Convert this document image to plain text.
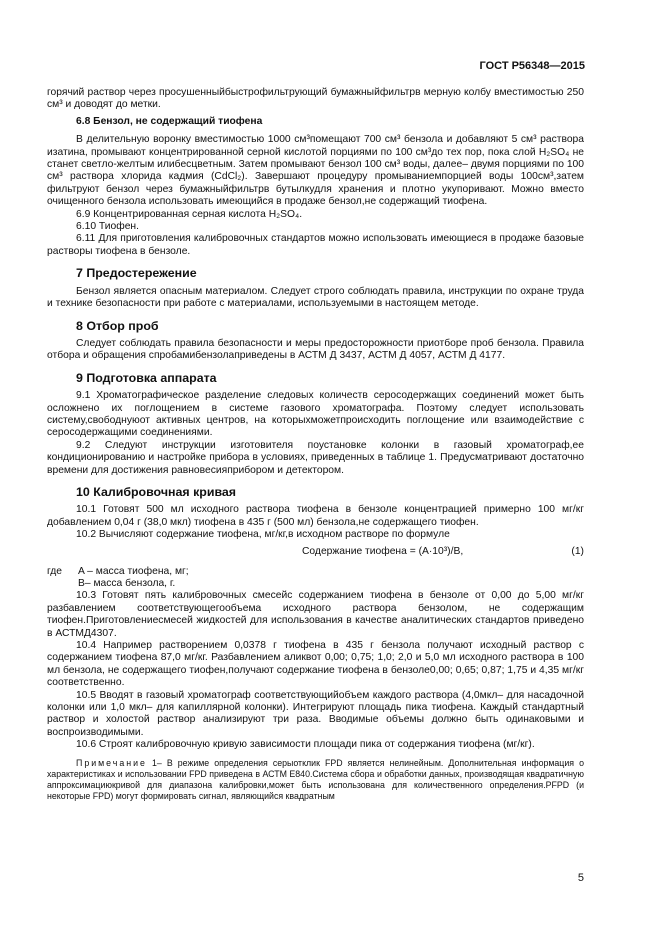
ГОСТ Р56348—2015

горячий раствор через просушенныйбыстрофильтрующий бумажныйфильтрв мерную колбу вместимостью 250 см³ и доводят до метки.

6.8 Бензол, не содержащий тиофена

В делительную воронку вместимостью 1000 см³помещают 700 см³ бензола и добавляют 5 см³ раствора изатина, промывают концентрированной серной кислотой порциями по 100 см³до тех пор, пока слой H₂SO₄ не станет светло-желтым илибесцветным. Затем промывают бензол 100 см³ воды, далее– двумя порциями по 100 см³ раствора хлорида кадмия (CdCl₂). Завершают процедуру промываниемпорцией воды 100см³,затем фильтруют бензол через бумажныйфильтрв бутылкудля хранения и плотно укупоривают. Можно вместо очищенного бензола использовать имеющийся в продаже бензол,не содержащий тиофена.

6.9 Концентрированная серная кислота H₂SO₄.

6.10 Тиофен.

6.11 Для приготовления калибровочных стандартов можно использовать имеющиеся в продаже базовые растворы тиофена в бензоле.

7 Предостережение

Бензол является опасным материалом. Следует строго соблюдать правила, инструкции по охране труда и технике безопасности при работе с материалами, используемыми в настоящем методе.

8 Отбор проб

Следует соблюдать правила безопасности и меры предосторожности приотборе проб бензола. Правила отбора и обращения спробамибензолаприведены в АСТМ Д 3437, АСТМ Д 4057, АСТМ Д 4177.

9 Подготовка аппарата

9.1 Хроматографическое разделение следовых количеств серосодержащих соединений может быть осложнено их поглощением в системе газового хроматографа. Поэтому следует использовать систему,свободнуюот активных центров, на которыхможетпроисходить поглощение или взаимодействие с серосодержащими соединениями.

9.2 Следуют инструкции изготовителя поустановке колонки в газовый хроматограф,ее кондиционированию и настройке прибора в условиях, приведенных в таблице 1. Предусматривают достаточно времени для достижения равновесияприбором и детектором.

10 Калибровочная кривая

10.1 Готовят 500 мл исходного раствора тиофена в бензоле концентрацией примерно 100 мг/кг добавлением 0,04 г (38,0 мкл) тиофена в 435 г (500 мл) бензола,не содержащего тиофен.

10.2 Вычисляют содержание тиофена, мг/кг,в исходном растворе по формуле

Содержание тиофена = (A·10³)/B,	(1)
где	A – масса тиофена, мг;
	B– масса бензола, г.

10.3 Готовят пять калибровочных смесейс содержанием тиофена в бензоле от 0,00 до 5,00 мг/кг разбавлением соответствующегообъема исходного раствора бензолом, не содержащим тиофен.Приготовлениесмесей жидкостей для использования в качестве аналитических стандартов приведено в АСТМД4307.

10.4 Например растворением 0,0378 г тиофена в 435 г бензола получают исходный раствор с содержанием тиофена 87,0 мг/кг. Разбавлением аликвот 0,00; 0,75; 1,0; 2,0 и 5,0 мл исходного раствора в 100 мл бензола, не содержащего тиофен,получают содержание тиофена в бензоле0,00; 0,65; 0,87; 1,75 и 4,35 мг/кг соответственно.

10.5 Вводят в газовый хроматограф соответствующийобъем каждого раствора (4,0мкл– для насадочной колонки или 1,0 мкл– для капиллярной колонки). Интегрируют площадь пика тиофена. Каждый стандартный раствор и холостой раствор анализируют три раза. Вводимые объемы должно быть одинаковыми и воспроизводимыми.

10.6 Строят калибровочную кривую зависимости площади пика от содержания тиофена (мг/кг).

Примечание 1– В режиме определения серыотклик FPD является нелинейным. Дополнительная информация о характеристиках и использовании FPD приведена в АСТМ Е840.Система сбора и обработки данных, производящая квадратичную аппроксимациюкривой для диапазона калибровки,может быть использована для количественного определения.PFPD (и некоторые FPD) могут формировать сигнал, являющийся квадратным

5
